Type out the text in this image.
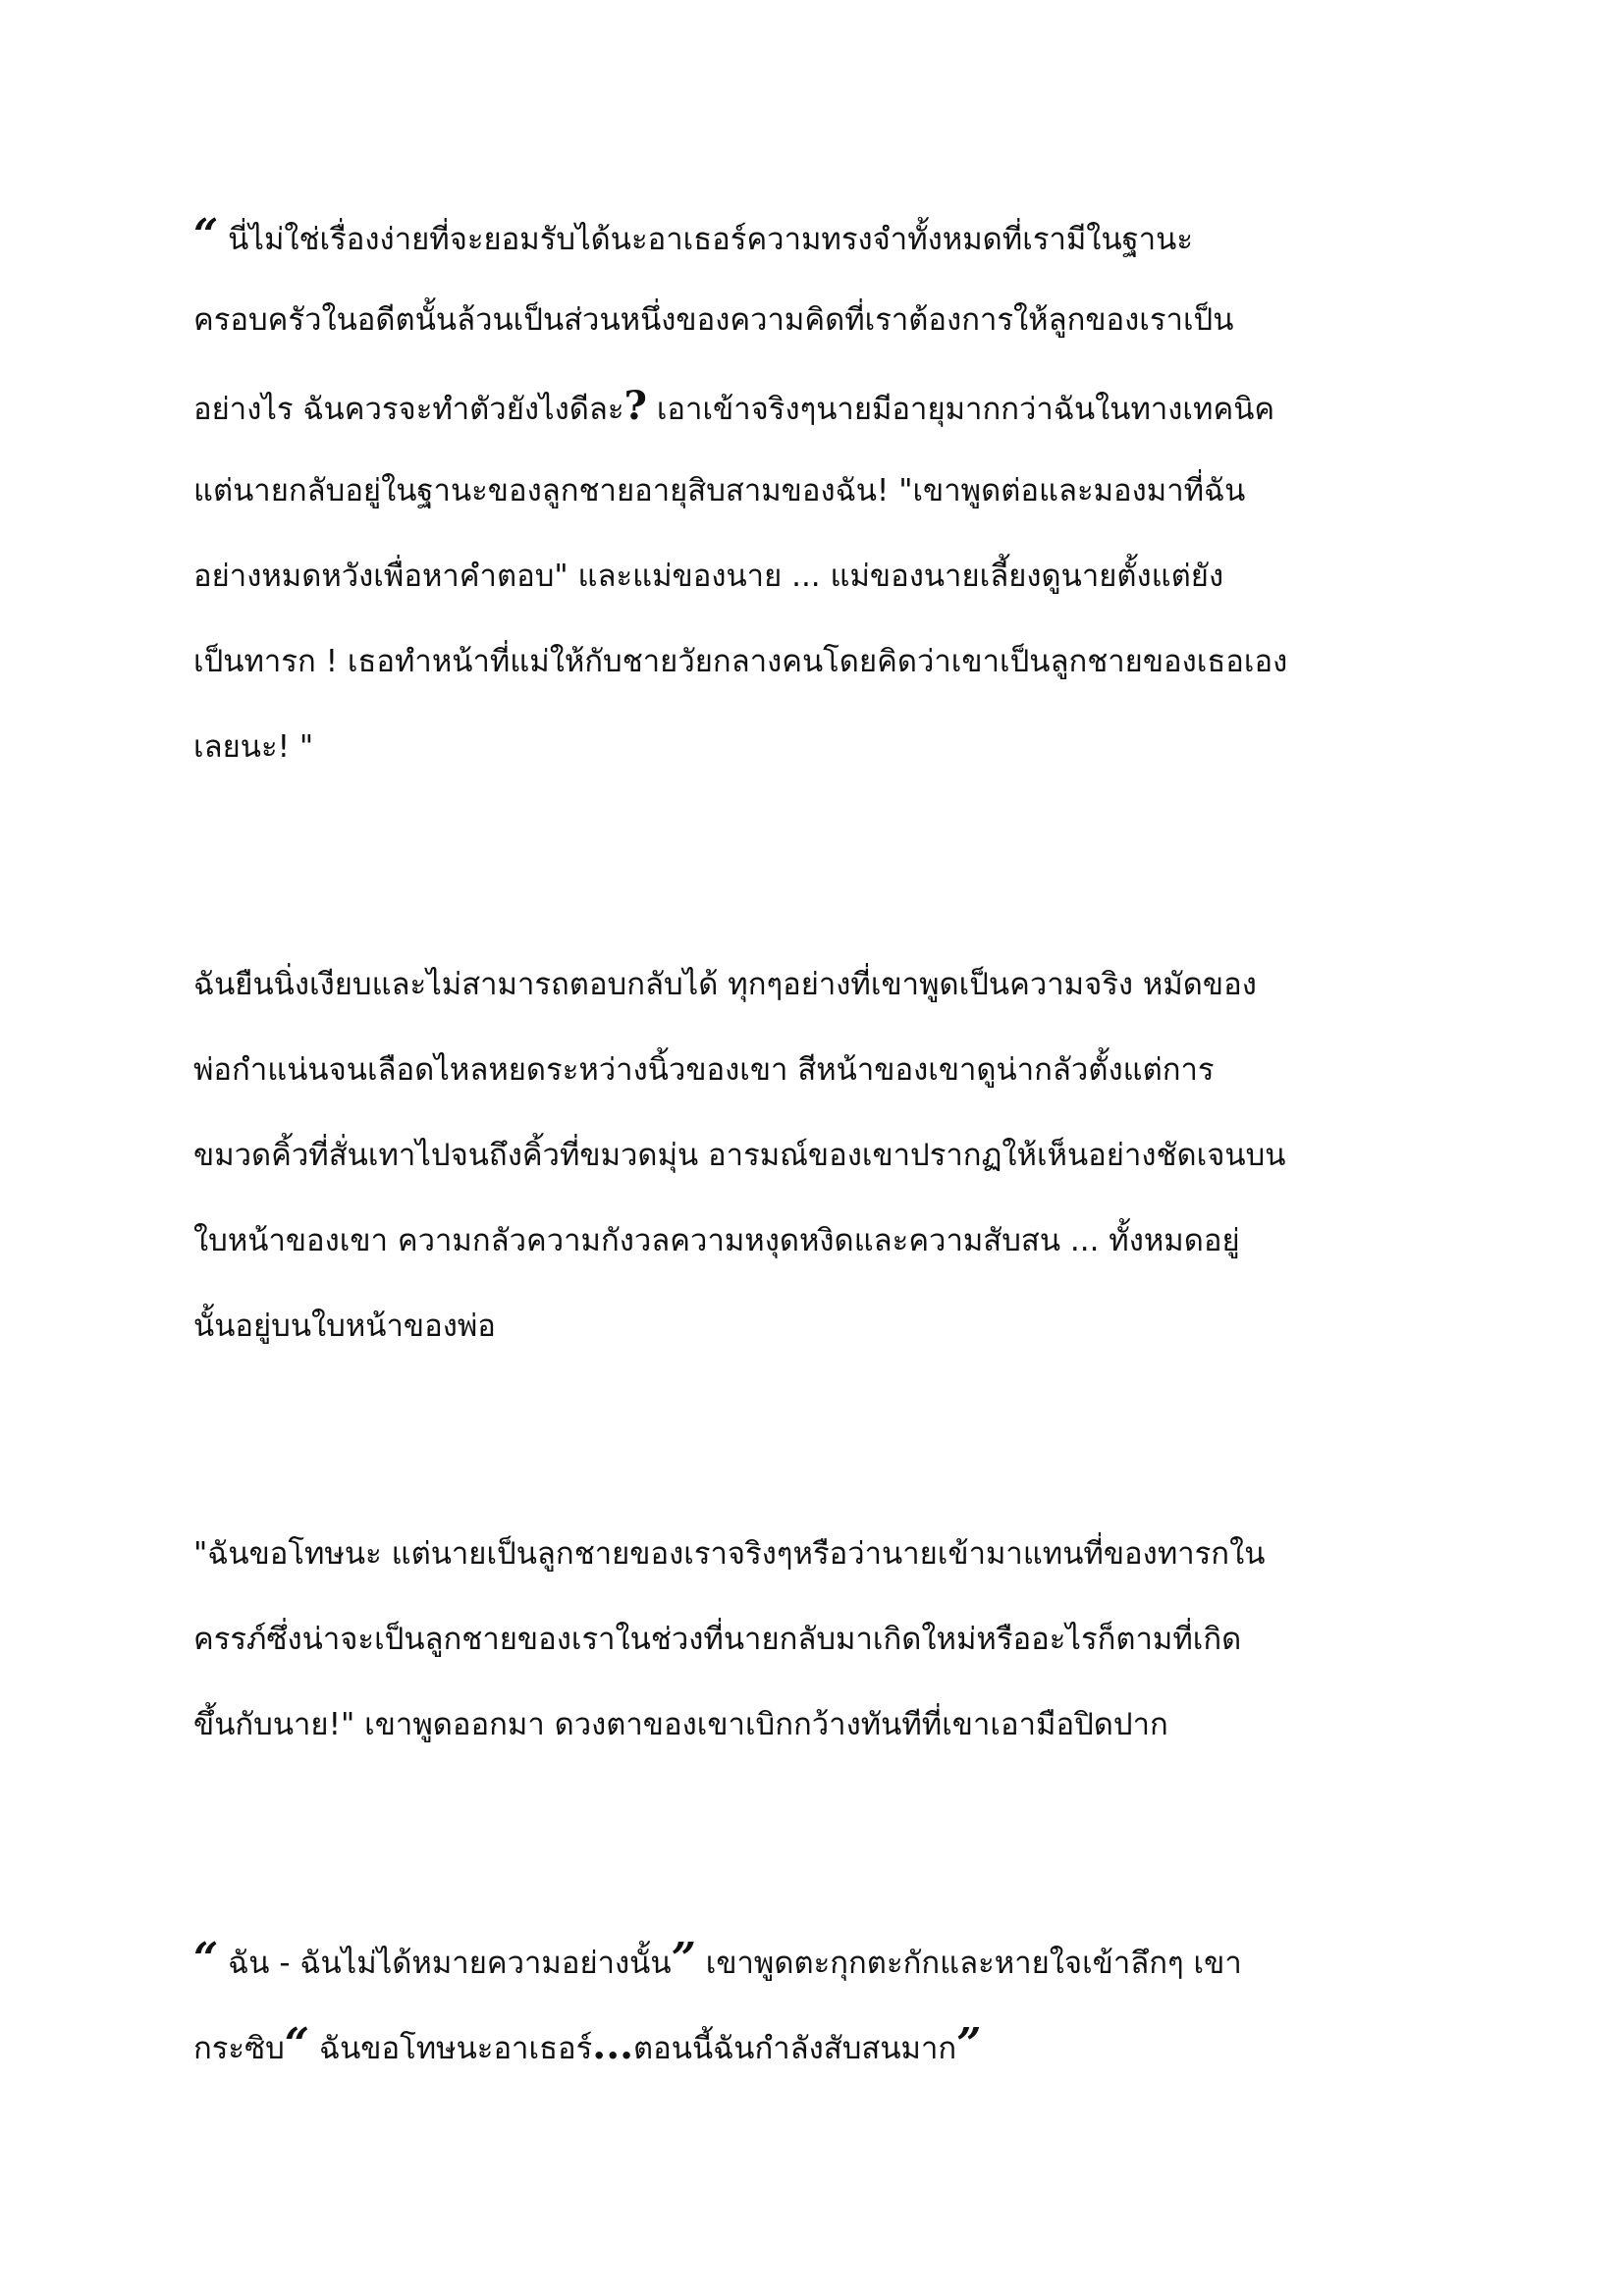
“ นี่ไม่ใช่เรื่องง่ายที่จะยอมรับได้นะอาเธอร์ความทรงจำทั้งหมดที่เรามีในฐานะ
ครอบครัวในอดีตนั้นล้วนเป็นส่วนหนึ่งของความคิดที่เราต้องการให้ลูกของเราเป็น
อย่างไร ฉันควรจะทำตัวยังไงดีละ? เอาเข้าจริงๆนายมีอายุมากกว่าฉันในทางเทคนิค
แต่นายกลับอยู่ในฐานะของลูกชายอายุสิบสามของฉัน! "เขาพูดต่อและมองมาที่ฉัน
อย่างหมดหวังเพื่อหาคำตอบ" และแม่ของนาย ... แม่ของนายเลี้ยงดูนายตั้งแต่ยัง
เป็นทารก ! เธอทำหน้าที่แม่ให้กับชายวัยกลางคนโดยคิดว่าเขาเป็นลูกชายของเธอเอง
เลยนะ! "
ฉันยืนนิ่งเงียบและไม่สามารถตอบกลับได้ ทุกๆอย่างที่เขาพูดเป็นความจริง หมัดของ
พ่อกำแน่นจนเลือดไหลหยดระหว่างนิ้วของเขา สีหน้าของเขาดูน่ากลัวตั้งแต่การ
ขมวดคิ้วที่สั่นเทาไปจนถึงคิ้วที่ขมวดมุ่น อารมณ์ของเขาปรากฏให้เห็นอย่างชัดเจนบน
ใบหน้าของเขา ความกลัวความกังวลความหงุดหงิดและความสับสน ... ทั้งหมดอยู่
นั้นอยู่บนใบหน้าของพ่อ
"ฉันขอโทษนะ แต่นายเป็นลูกชายของเราจริงๆหรือว่านายเข้ามาแทนที่ของทารกใน
ครรภ์ซึ่งน่าจะเป็นลูกชายของเราในช่วงที่นายกลับมาเกิดใหม่หรืออะไรก็ตามที่เกิด
ขึ้นกับนาย!" เขาพูดออกมา ดวงตาของเขาเบิกกว้างทันทีที่เขาเอามือปิดปาก
“ ฉัน - ฉันไม่ได้หมายความอย่างนั้น” เขาพูดตะกุกตะกักและหายใจเข้าลึกๆ เขา
กระซิบ“ ฉันขอโทษนะอาเธอร์...ตอนนี้ฉันกำลังสับสนมาก”
